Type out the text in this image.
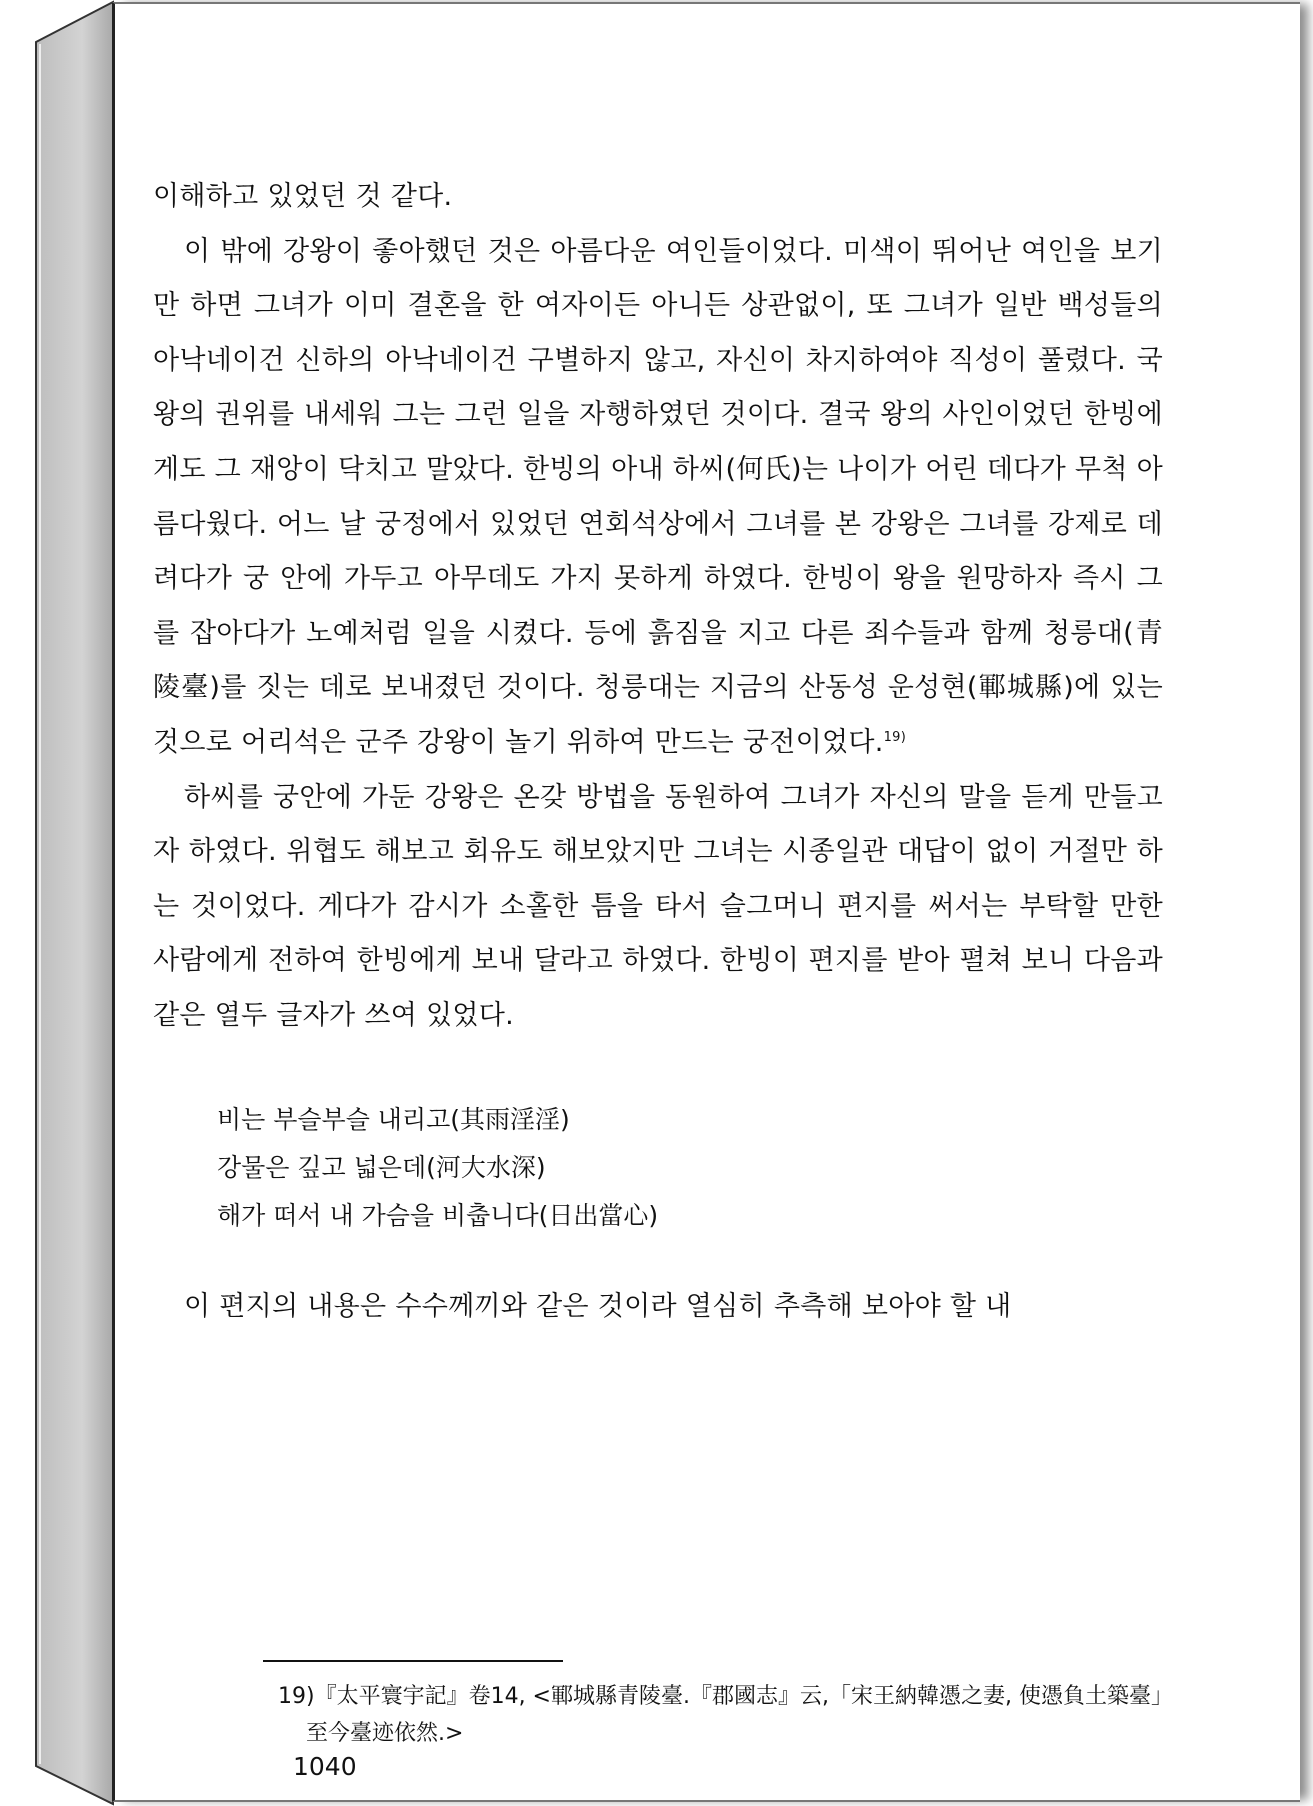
이해하고 있었던 것 같다.

이 밖에 강왕이 좋아했던 것은 아름다운 여인들이었다. 미색이 뛰어난 여인을 보기만 하면 그녀가 이미 결혼을 한 여자이든 아니든 상관없이, 또 그녀가 일반 백성들의 아낙네이건 신하의 아낙네이건 구별하지 않고, 자신이 차지하여야 직성이 풀렸다. 국왕의 권위를 내세워 그는 그런 일을 자행하였던 것이다. 결국 왕의 사인이었던 한빙에게도 그 재앙이 닥치고 말았다. 한빙의 아내 하씨(何氏)는 나이가 어린 데다가 무척 아름다웠다. 어느 날 궁정에서 있었던 연회석상에서 그녀를 본 강왕은 그녀를 강제로 데려다가 궁 안에 가두고 아무데도 가지 못하게 하였다. 한빙이 왕을 원망하자 즉시 그를 잡아다가 노예처럼 일을 시켰다. 등에 흙짐을 지고 다른 죄수들과 함께 청릉대(青陵臺)를 짓는 데로 보내졌던 것이다. 청릉대는 지금의 산동성 운성현(鄆城縣)에 있는 것으로 어리석은 군주 강왕이 놀기 위하여 만드는 궁전이었다.$^{19)}$

하씨를 궁안에 가둔 강왕은 온갖 방법을 동원하여 그녀가 자신의 말을 듣게 만들고자 하였다. 위협도 해보고 회유도 해보았지만 그녀는 시종일관 대답이 없이 거절만 하는 것이었다. 게다가 감시가 소홀한 틈을 타서 슬그머니 편지를 써서는 부탁할 만한 사람에게 전하여 한빙에게 보내 달라고 하였다. 한빙이 편지를 받아 펼쳐 보니 다음과 같은 열두 글자가 쓰여 있었다.

비는 부슬부슬 내리고(其雨淫淫)
강물은 깊고 넓은데(河大水深)
해가 떠서 내 가슴을 비춥니다(日出當心)

이 편지의 내용은 수수께끼와 같은 것이라 열심히 추측해 보아야 할 내

19)『太平寰宇記』卷14, <鄆城縣青陵臺.『郡國志』云,「宋王納韓憑之妻, 使憑負土築臺」
至今臺迹依然.>
1040
